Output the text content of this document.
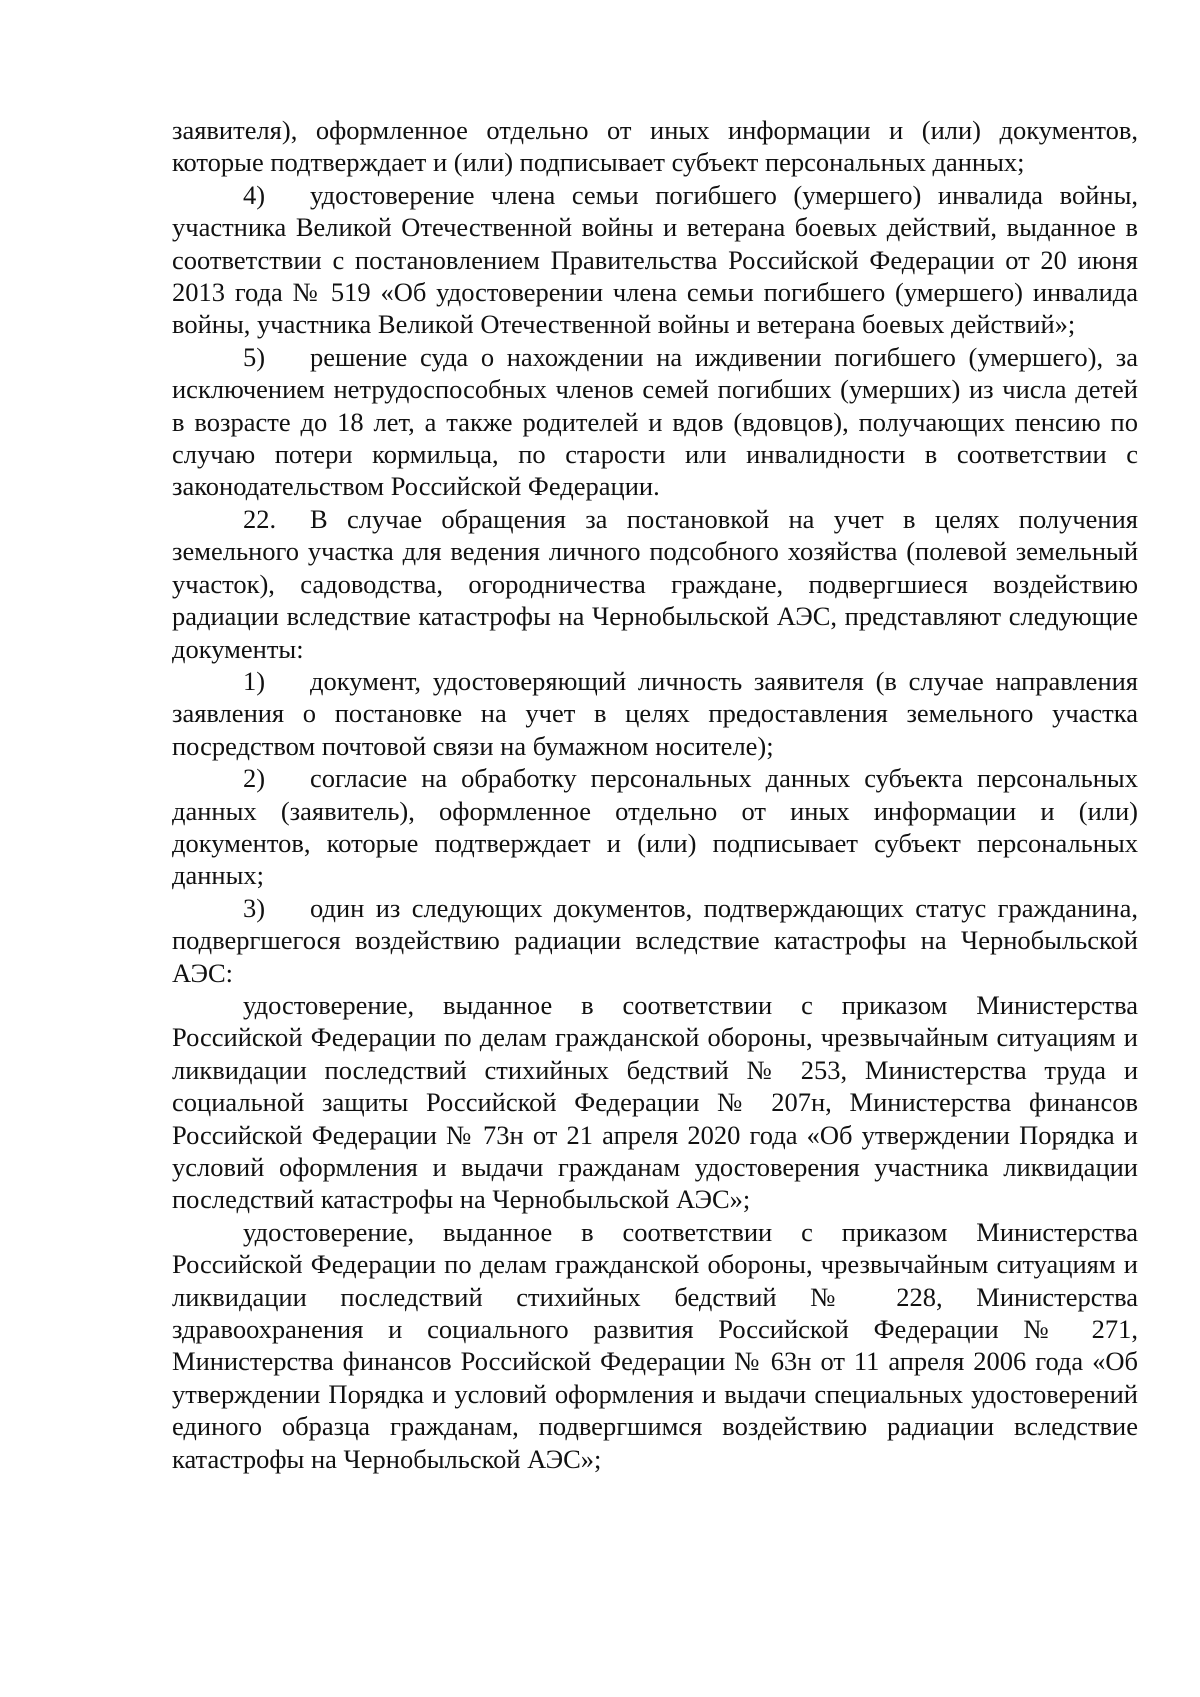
заявителя), оформленное отдельно от иных информации и (или) документов, которые подтверждает и (или) подписывает субъект персональных данных;

4) удостоверение члена семьи погибшего (умершего) инвалида войны, участника Великой Отечественной войны и ветерана боевых действий, выданное в соответствии с постановлением Правительства Российской Федерации от 20 июня 2013 года № 519 «Об удостоверении члена семьи погибшего (умершего) инвалида войны, участника Великой Отечественной войны и ветерана боевых действий»;

5) решение суда о нахождении на иждивении погибшего (умершего), за исключением нетрудоспособных членов семей погибших (умерших) из числа детей в возрасте до 18 лет, а также родителей и вдов (вдовцов), получающих пенсию по случаю потери кормильца, по старости или инвалидности в соответствии с законодательством Российской Федерации.

22. В случае обращения за постановкой на учет в целях получения земельного участка для ведения личного подсобного хозяйства (полевой земельный участок), садоводства, огородничества граждане, подвергшиеся воздействию радиации вследствие катастрофы на Чернобыльской АЭС, представляют следующие документы:

1) документ, удостоверяющий личность заявителя (в случае направления заявления о постановке на учет в целях предоставления земельного участка посредством почтовой связи на бумажном носителе);

2) согласие на обработку персональных данных субъекта персональных данных (заявитель), оформленное отдельно от иных информации и (или) документов, которые подтверждает и (или) подписывает субъект персональных данных;

3) один из следующих документов, подтверждающих статус гражданина, подвергшегося воздействию радиации вследствие катастрофы на Чернобыльской АЭС:

удостоверение, выданное в соответствии с приказом Министерства Российской Федерации по делам гражданской обороны, чрезвычайным ситуациям и ликвидации последствий стихийных бедствий № 253, Министерства труда и социальной защиты Российской Федерации № 207н, Министерства финансов Российской Федерации № 73н от 21 апреля 2020 года «Об утверждении Порядка и условий оформления и выдачи гражданам удостоверения участника ликвидации последствий катастрофы на Чернобыльской АЭС»;

удостоверение, выданное в соответствии с приказом Министерства Российской Федерации по делам гражданской обороны, чрезвычайным ситуациям и ликвидации последствий стихийных бедствий № 228, Министерства здравоохранения и социального развития Российской Федерации № 271, Министерства финансов Российской Федерации № 63н от 11 апреля 2006 года «Об утверждении Порядка и условий оформления и выдачи специальных удостоверений единого образца гражданам, подвергшимся воздействию радиации вследствие катастрофы на Чернобыльской АЭС»;
